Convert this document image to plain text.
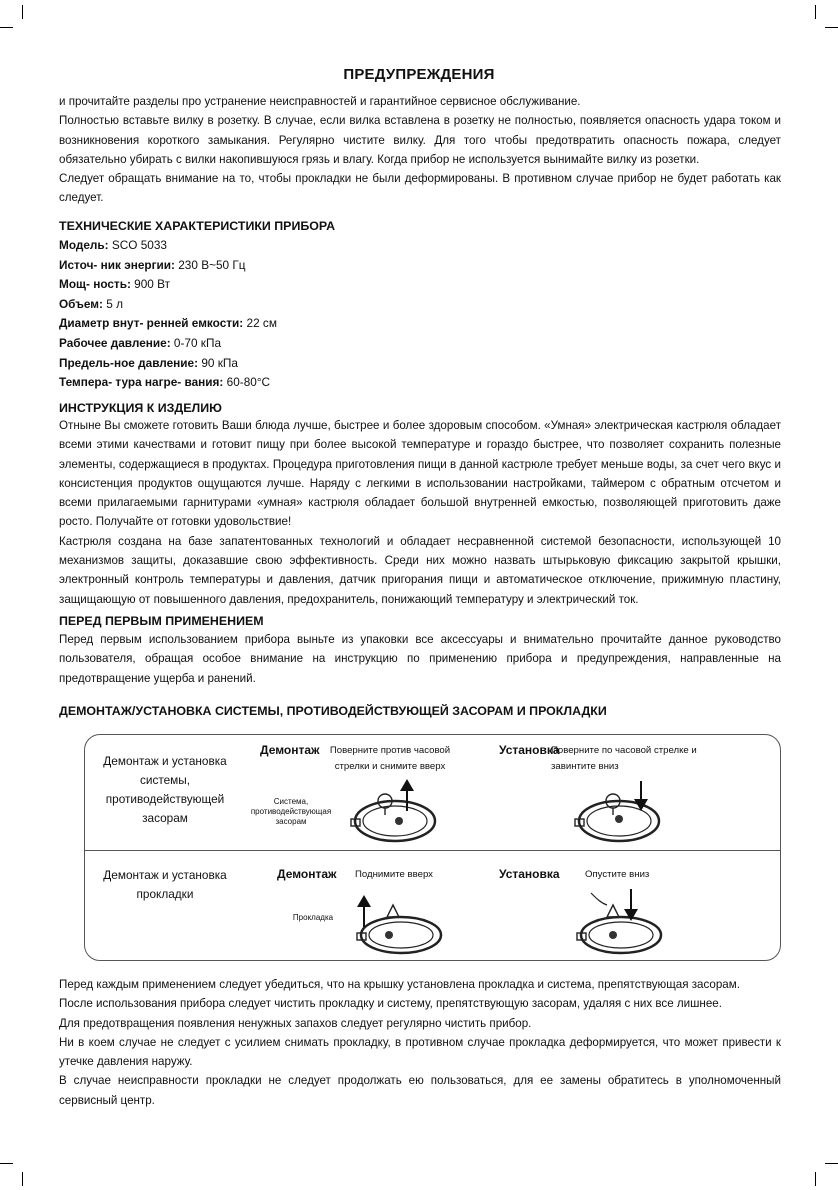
ПРЕДУПРЕЖДЕНИЯ

и прочитайте разделы про устранение неисправностей и гарантийное сервисное обслуживание.

Полностью вставьте вилку в розетку. В случае, если вилка вставлена в розетку не полностью, появляется опасность удара током и возникновения короткого замыкания. Регулярно чистите вилку. Для того чтобы предотвратить опасность пожара, следует обязательно убирать с вилки накопившуюся грязь и влагу. Когда прибор не используется вынимайте вилку из розетки.

Следует обращать внимание на то, чтобы прокладки не были деформированы. В противном случае прибор не будет работать как следует.

ТЕХНИЧЕСКИЕ ХАРАКТЕРИСТИКИ ПРИБОРА

Модель: SCO 5033

Источ- ник энергии: 230 В~50 Гц

Мощ- ность: 900 Вт

Объем: 5 л

Диаметр внут- ренней емкости: 22 см

Рабочее давление: 0-70 кПа

Предель-ное давление: 90 кПа

Темпера- тура нагре- вания: 60-80°C

ИНСТРУКЦИЯ К ИЗДЕЛИЮ

Отныне Вы сможете готовить Ваши блюда лучше, быстрее и более здоровым способом. «Умная» электрическая кастрюля обладает всеми этими качествами и готовит пищу при более высокой температуре и гораздо быстрее, что позволяет сохранить полезные элементы, содержащиеся в продуктах. Процедура приготовления пищи в данной кастрюле требует меньше воды, за счет чего вкус и консистенция продуктов ощущаются лучше. Наряду с легкими в использовании настройками, таймером с обратным отсчетом и всеми прилагаемыми гарнитурами «умная» кастрюля обладает большой внутренней емкостью, позволяющей приготовить даже росто. Получайте от готовки удовольствие!

Кастрюля создана на базе запатентованных технологий и обладает несравненной системой безопасности, использующей 10 механизмов защиты, доказавшие свою эффективность. Среди них можно назвать штырьковую фиксацию закрытой крышки, электронный контроль температуры и давления, датчик пригорания пищи и автоматическое отключение, прижимную пластину, защищающую от повышенного давления, предохранитель, понижающий температуру и электрический ток.

ПЕРЕД ПЕРВЫМ ПРИМЕНЕНИЕМ

Перед первым использованием прибора выньте из упаковки все аксессуары и внимательно прочитайте данное руководство пользователя, обращая особое внимание на инструкцию по применению прибора и предупреждения, направленные на предотвращение ущерба и ранений.

ДЕМОНТАЖ/УСТАНОВКА СИСТЕМЫ, ПРОТИВОДЕЙСТВУЮЩЕЙ ЗАСОРАМ И ПРОКЛАДКИ
Демонтаж и установка системы, противодействующей засорам
Демонтаж	Поверните против часовой стрелки и снимите вверх
Система, противодействующая засорам
Установка
Поверните по часовой стрелке и завинтите вниз
Демонтаж и установка прокладки
Демонтаж Поднимите вверх
Прокладка
Установка	Опустите вниз

Перед каждым применением следует убедиться, что на крышку установлена прокладка и система, препятствующая засорам.

После использования прибора следует чистить прокладку и систему, препятствующую засорам, удаляя с них все лишнее.

Для предотвращения появления ненужных запахов следует регулярно чистить прибор.

Ни в коем случае не следует с усилием снимать прокладку, в противном случае прокладка деформируется, что может привести к утечке давления наружу.

В случае неисправности прокладки не следует продолжать ею пользоваться, для ее замены обратитесь в уполномоченный сервисный центр.
